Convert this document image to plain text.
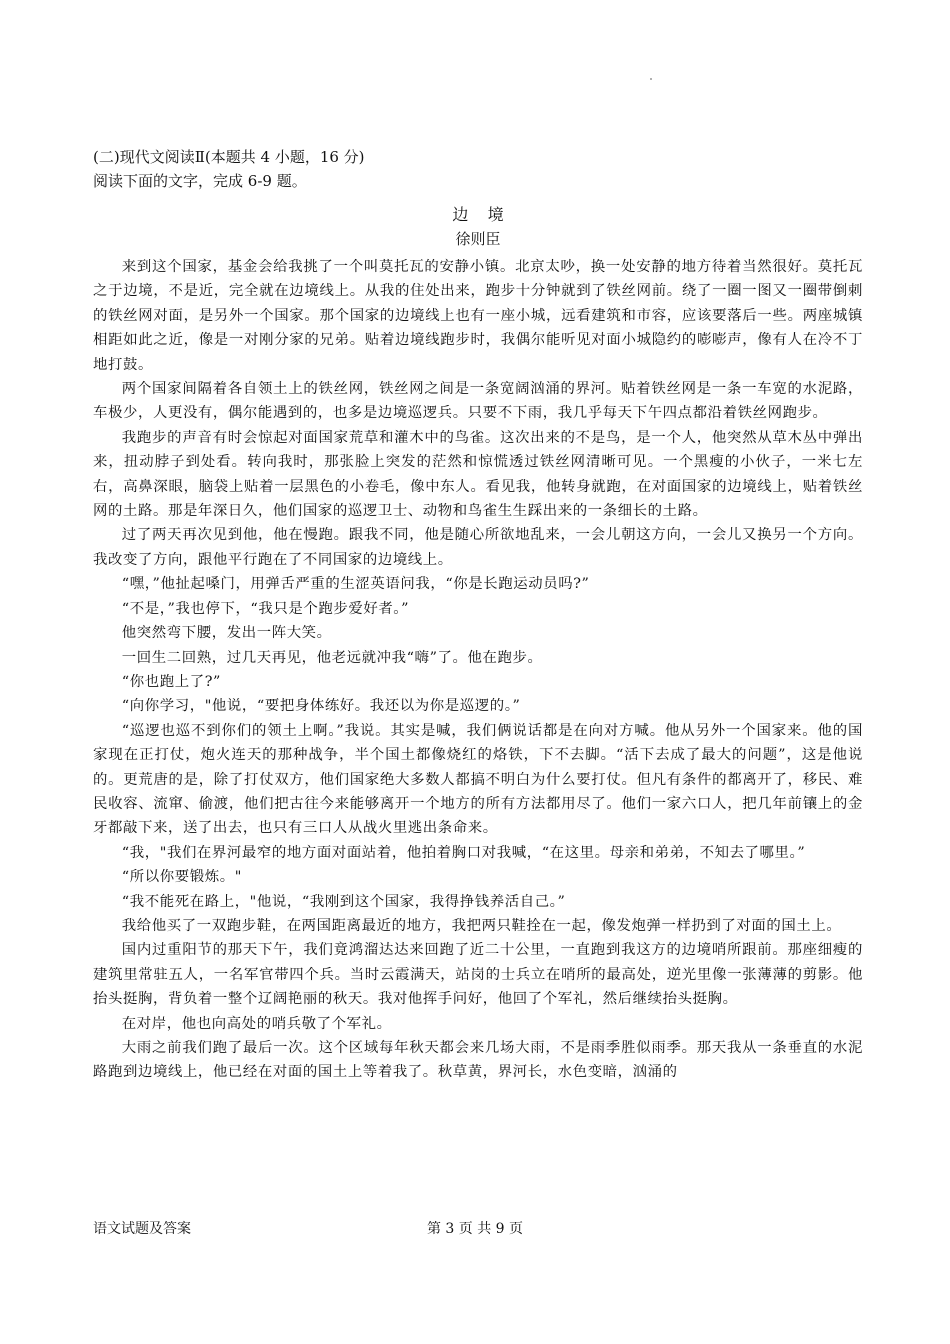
(二)现代文阅读Ⅱ(本题共 4 小题，16 分)
阅读下面的文字，完成 6-9 题。
边境
徐则臣

来到这个国家，基金会给我挑了一个叫莫托瓦的安静小镇。北京太吵，换一处安静的地方待着当然很好。莫托瓦之于边境，不是近，完全就在边境线上。从我的住处出来，跑步十分钟就到了铁丝网前。绕了一圈一图又一圈带倒刺的铁丝网对面，是另外一个国家。那个国家的边境线上也有一座小城，远看建筑和市容，应该要落后一些。两座城镇相距如此之近，像是一对刚分家的兄弟。贴着边境线跑步时，我偶尔能听见对面小城隐约的嘭嘭声，像有人在冷不丁地打鼓。

两个国家间隔着各自领土上的铁丝网，铁丝网之间是一条宽阔汹涌的界河。贴着铁丝网是一条一车宽的水泥路，车极少，人更没有，偶尔能遇到的，也多是边境巡逻兵。只要不下雨，我几乎每天下午四点都沿着铁丝网跑步。

我跑步的声音有时会惊起对面国家荒草和灌木中的鸟雀。这次出来的不是鸟，是一个人，他突然从草木丛中弹出来，扭动脖子到处看。转向我时，那张脸上突发的茫然和惊慌透过铁丝网清晰可见。一个黑瘦的小伙子，一米七左右，高鼻深眼，脑袋上贴着一层黑色的小卷毛，像中东人。看见我，他转身就跑，在对面国家的边境线上，贴着铁丝网的土路。那是年深日久，他们国家的巡逻卫士、动物和鸟雀生生踩出来的一条细长的土路。

过了两天再次见到他，他在慢跑。跟我不同，他是随心所欲地乱来，一会儿朝这方向，一会儿又换另一个方向。我改变了方向，跟他平行跑在了不同国家的边境线上。

“嘿，”他扯起嗓门，用弹舌严重的生涩英语问我，“你是长跑运动员吗?”

“不是，”我也停下，“我只是个跑步爱好者。”

他突然弯下腰，发出一阵大笑。

一回生二回熟，过几天再见，他老远就冲我“嗨”了。他在跑步。

“你也跑上了?”

“向你学习，"他说，“要把身体练好。我还以为你是巡逻的。”

“巡逻也巡不到你们的领土上啊。”我说。其实是喊，我们俩说话都是在向对方喊。他从另外一个国家来。他的国家现在正打仗，炮火连天的那种战争，半个国土都像烧红的烙铁，下不去脚。“活下去成了最大的问题”，这是他说的。更荒唐的是，除了打仗双方，他们国家绝大多数人都搞不明白为什么要打仗。但凡有条件的都离开了，移民、难民收容、流窜、偷渡，他们把古往今来能够离开一个地方的所有方法都用尽了。他们一家六口人，把几年前镶上的金牙都敲下来，送了出去，也只有三口人从战火里逃出条命来。

“我，"我们在界河最窄的地方面对面站着，他拍着胸口对我喊，“在这里。母亲和弟弟，不知去了哪里。”

“所以你要锻炼。"

“我不能死在路上，"他说，“我刚到这个国家，我得挣钱养活自己。”

我给他买了一双跑步鞋，在两国距离最近的地方，我把两只鞋拴在一起，像发炮弹一样扔到了对面的国土上。

国内过重阳节的那天下午，我们竟鸿溜达达来回跑了近二十公里，一直跑到我这方的边境哨所跟前。那座细瘦的建筑里常驻五人，一名军官带四个兵。当时云霞满天，站岗的士兵立在哨所的最高处，逆光里像一张薄薄的剪影。他抬头挺胸，背负着一整个辽阔艳丽的秋天。我对他挥手问好，他回了个军礼，然后继续抬头挺胸。

在对岸，他也向高处的哨兵敬了个军礼。

大雨之前我们跑了最后一次。这个区域每年秋天都会来几场大雨，不是雨季胜似雨季。那天我从一条垂直的水泥路跑到边境线上，他已经在对面的国土上等着我了。秋草黄，界河长，水色变暗，汹涌的

第 3 页 共 9 页
语文试题及答案
